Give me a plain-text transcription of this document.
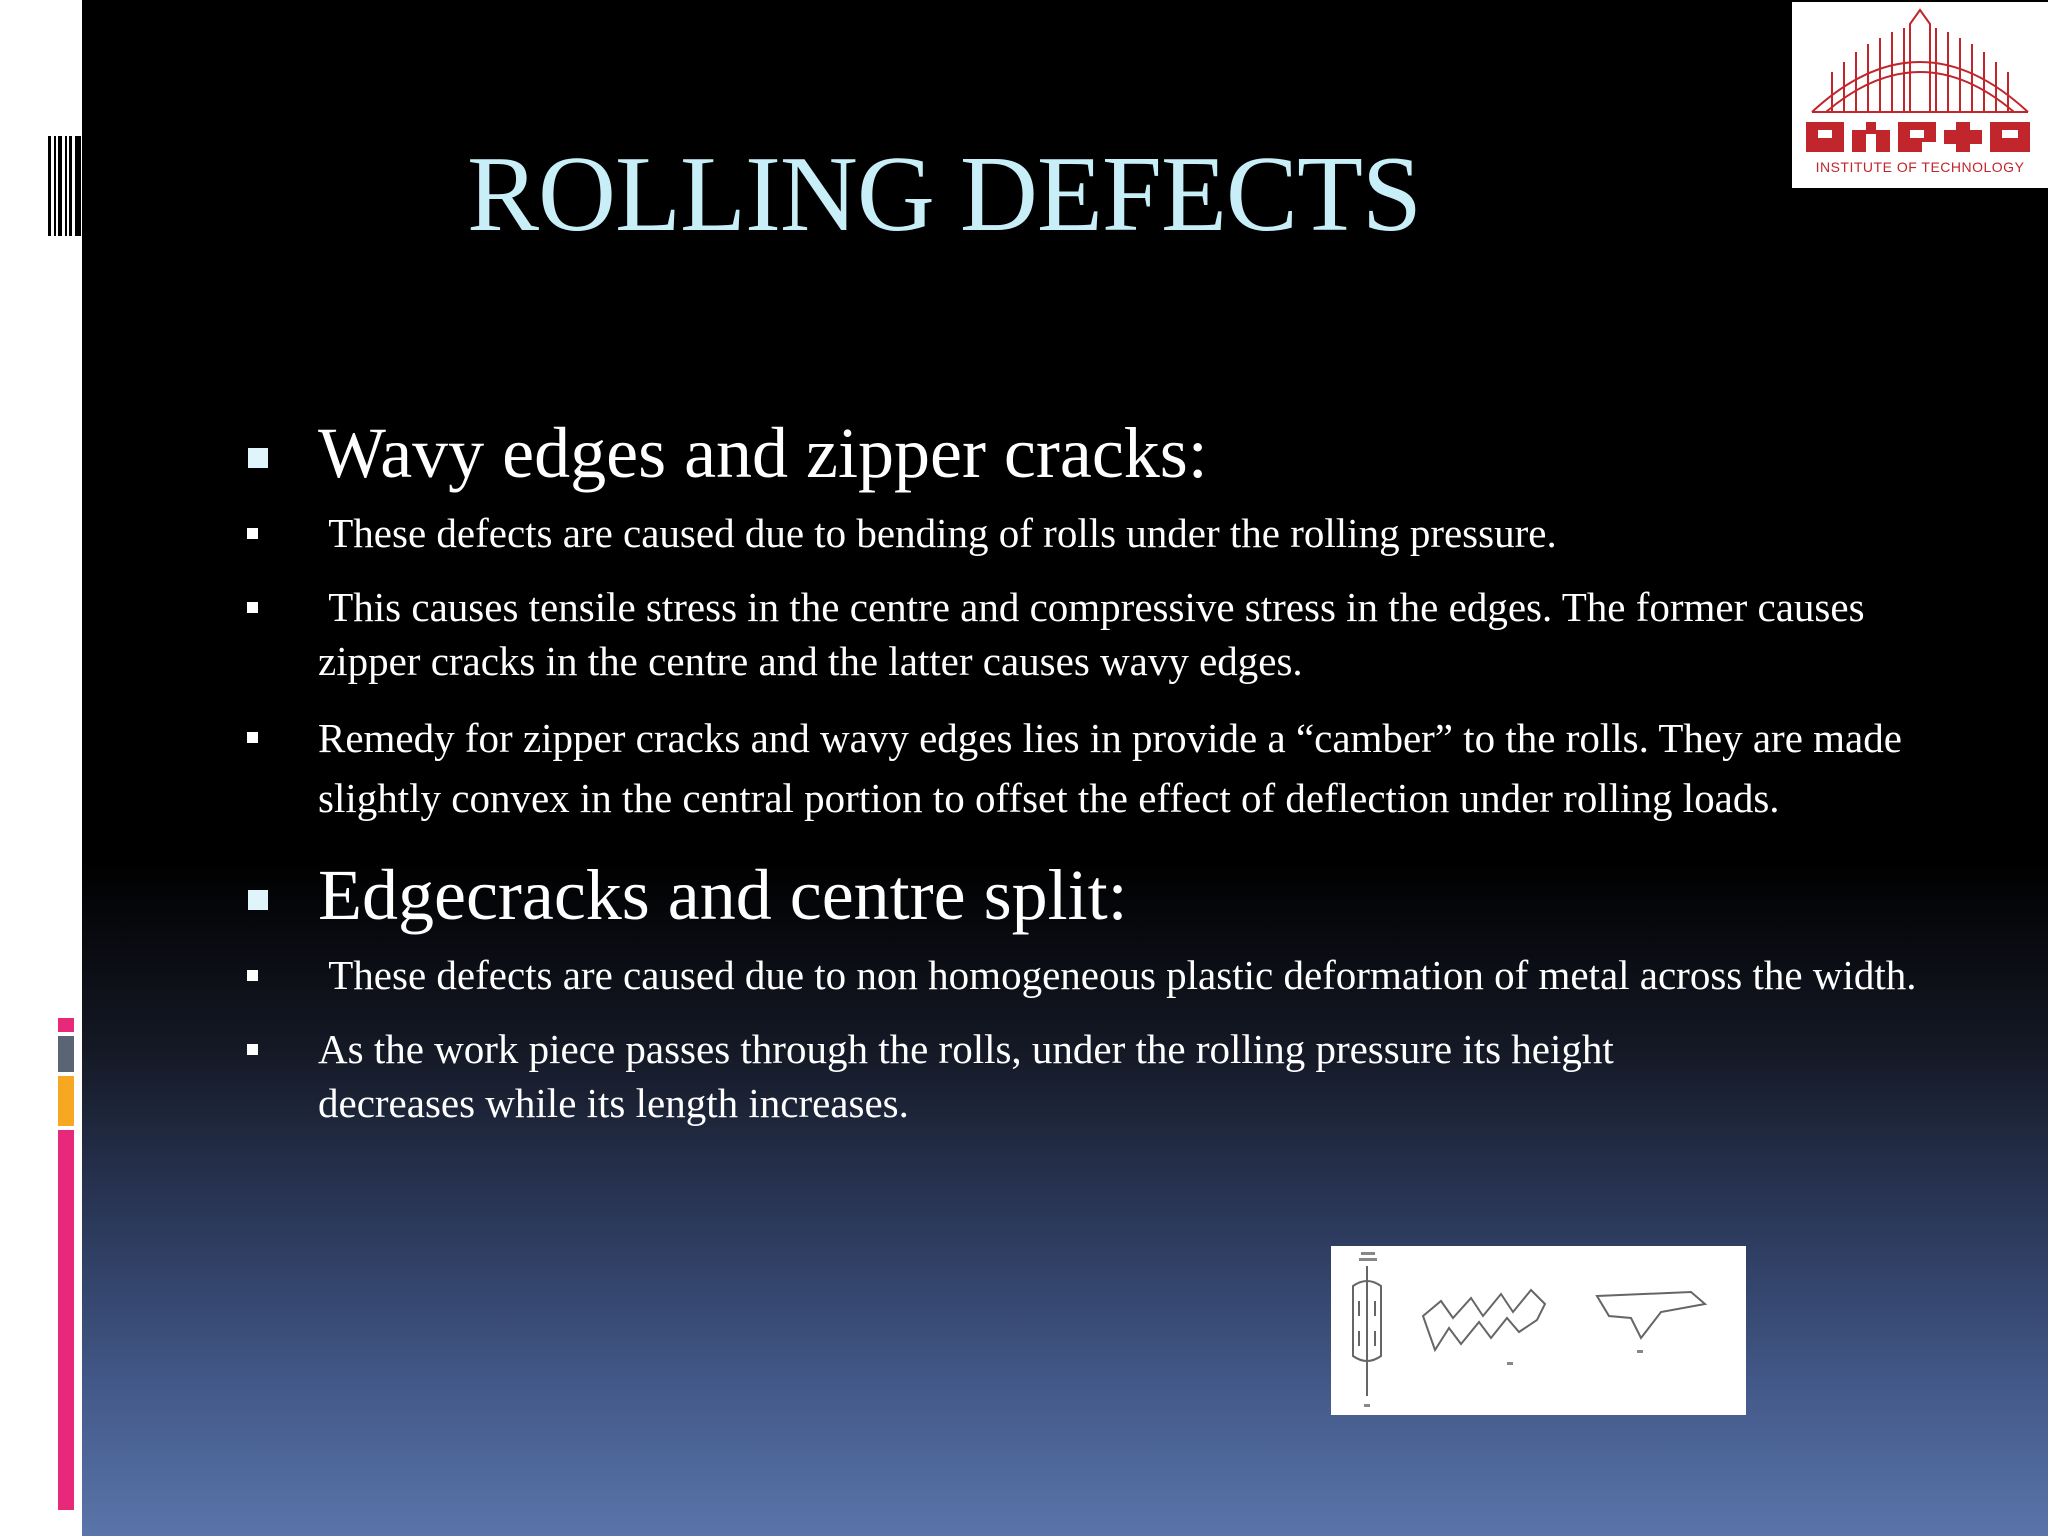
ROLLING DEFECTS	INSTITUTE OF TECHNOLOGY
Wavy edges and zipper cracks:
These defects are caused due to bending of rolls under the rolling pressure.
This causes tensile stress in the centre and compressive stress in the edges. The former causes zipper cracks in the centre and the latter causes wavy edges.
Remedy for zipper cracks and wavy edges lies in provide a “camber” to the rolls. They are made slightly convex in the central portion to offset the effect of deflection under rolling loads.
Edgecracks and centre split:
These defects are caused due to non homogeneous plastic deformation of metal across the width.
As the work piece passes through the rolls, under the rolling pressure its height decreases while its length increases.
